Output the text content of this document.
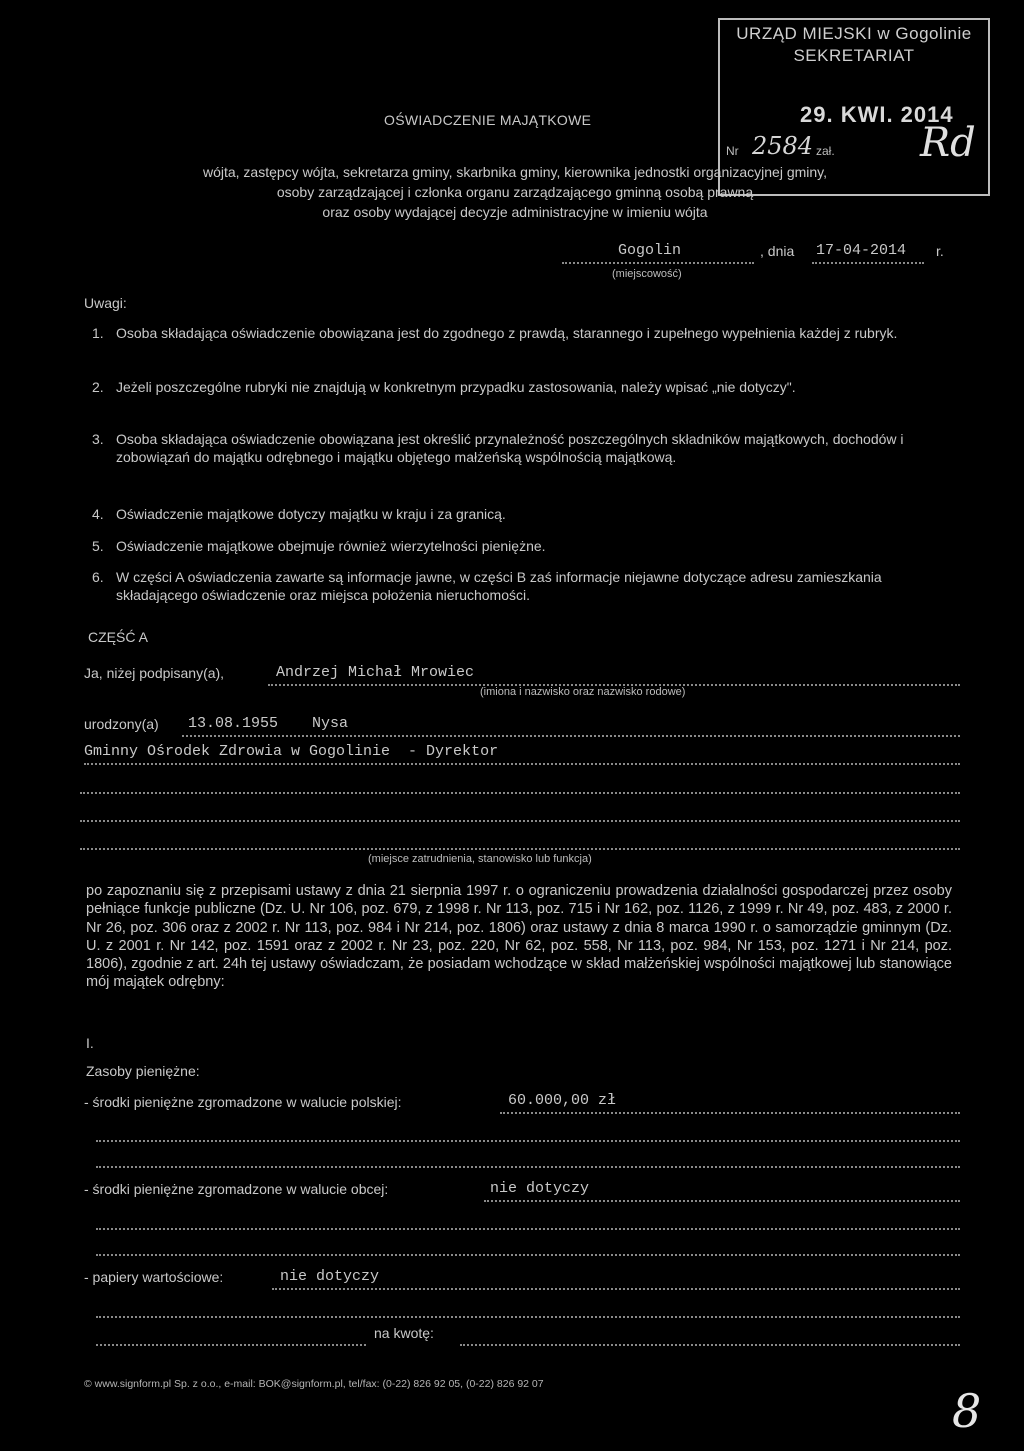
URZĄD MIEJSKI w Gogolinie
SEKRETARIAT
29. KWI. 2014
Nr 2584 zał. Rd
OŚWIADCZENIE MAJĄTKOWE
wójta, zastępcy wójta, sekretarza gminy, skarbnika gminy, kierownika jednostki organizacyjnej gminy,
osoby zarządzającej i członka organu zarządzającego gminną osobą prawną
oraz osoby wydającej decyzje administracyjne w imieniu wójta
Gogolin	, dnia 17-04-2014 r.
(miejscowość)
Uwagi:
1. Osoba składająca oświadczenie obowiązana jest do zgodnego z prawdą, starannego i zupełnego wypełnienia każdej z rubryk.
2. Jeżeli poszczególne rubryki nie znajdują w konkretnym przypadku zastosowania, należy wpisać „nie dotyczy".
3. Osoba składająca oświadczenie obowiązana jest określić przynależność poszczególnych składników majątkowych, dochodów i zobowiązań do majątku odrębnego i majątku objętego małżeńską wspólnością majątkową.
4. Oświadczenie majątkowe dotyczy majątku w kraju i za granicą.
5. Oświadczenie majątkowe obejmuje również wierzytelności pieniężne.
6. W części A oświadczenia zawarte są informacje jawne, w części B zaś informacje niejawne dotyczące adresu zamieszkania składającego oświadczenie oraz miejsca położenia nieruchomości.
CZĘŚĆ A
Ja, niżej podpisany(a),	Andrzej Michał Mrowiec
(imiona i nazwisko oraz nazwisko rodowe)
urodzony(a) 13.08.1955 Nysa
Gminny Ośrodek Zdrowia w Gogolinie  - Dyrektor
(miejsce zatrudnienia, stanowisko lub funkcja)
po zapoznaniu się z przepisami ustawy z dnia 21 sierpnia 1997 r. o ograniczeniu prowadzenia działalności gospodarczej przez osoby pełniące funkcje publiczne (Dz. U. Nr 106, poz. 679, z 1998 r. Nr 113, poz. 715 i Nr 162, poz. 1126, z 1999 r. Nr 49, poz. 483, z 2000 r. Nr 26, poz. 306 oraz z 2002 r. Nr 113, poz. 984 i Nr 214, poz. 1806) oraz ustawy z dnia 8 marca 1990 r. o samorządzie gminnym (Dz. U. z 2001 r. Nr 142, poz. 1591 oraz z 2002 r. Nr 23, poz. 220, Nr 62, poz. 558, Nr 113, poz. 984, Nr 153, poz. 1271 i Nr 214, poz. 1806), zgodnie z art. 24h tej ustawy oświadczam, że posiadam wchodzące w skład małżeńskiej wspólności majątkowej lub stanowiące mój majątek odrębny:
I.
Zasoby pieniężne:
- środki pieniężne zgromadzone w walucie polskiej:	60.000,00 zł
- środki pieniężne zgromadzone w walucie obcej:	nie dotyczy
- papiery wartościowe:	nie dotyczy
na kwotę:
© www.signform.pl Sp. z o.o., e-mail: BOK@signform.pl, tel/fax: (0-22) 826 92 05, (0-22) 826 92 07	8
